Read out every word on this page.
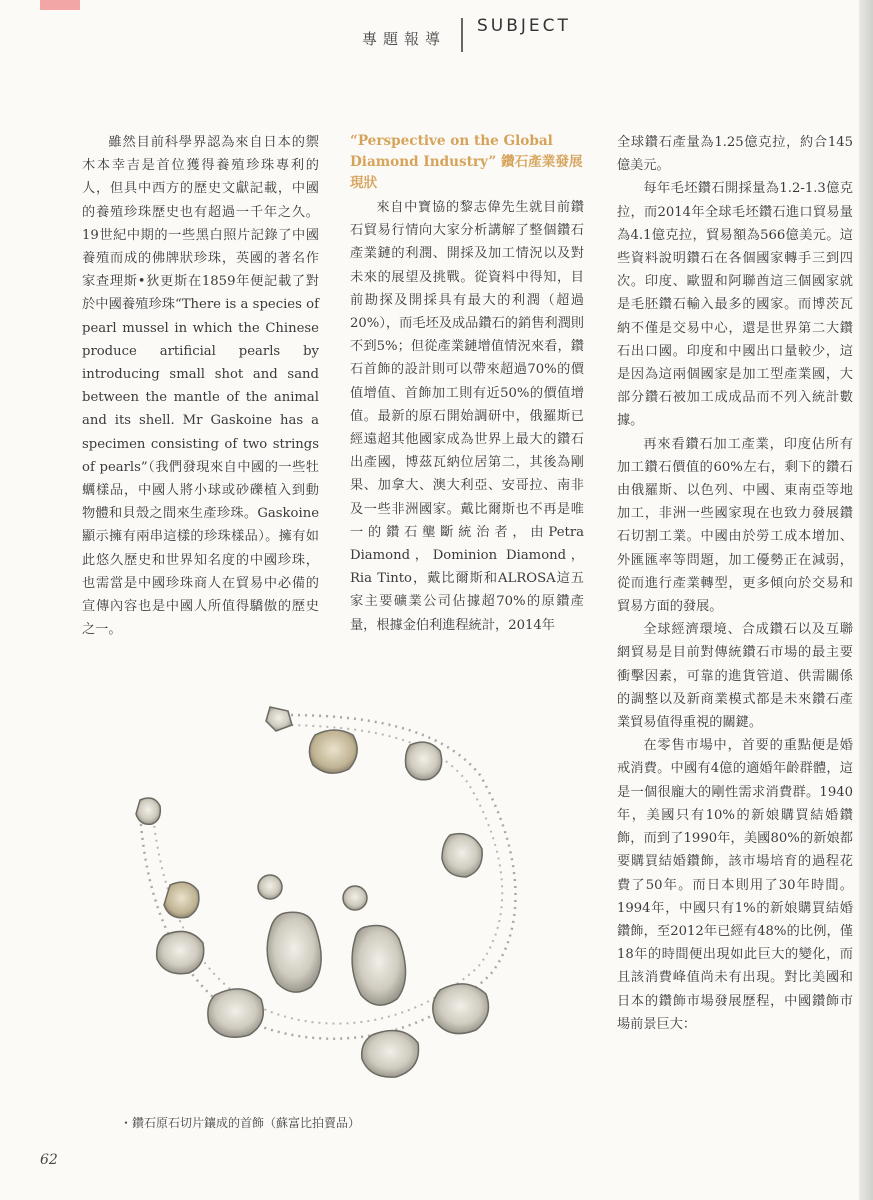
專題報導
SUBJECT

雖然目前科學界認為來自日本的禦木本幸吉是首位獲得養殖珍珠專利的人，但具中西方的歷史文獻記載，中國的養殖珍珠歷史也有超過一千年之久。19世紀中期的一些黑白照片記錄了中國養殖而成的佛牌狀珍珠，英國的著名作家查理斯•狄更斯在1859年便記載了對於中國養殖珍珠“There is a species of pearl mussel in which the Chinese produce artificial pearls by introducing small shot and sand between the mantle of the animal and its shell. Mr Gaskoine has a specimen consisting of two strings of pearls”（我們發現來自中國的一些牡蠣樣品，中國人將小球或砂礫植入到動物體和貝殼之間來生產珍珠。Gaskoine顯示擁有兩串這樣的珍珠樣品）。擁有如此悠久歷史和世界知名度的中國珍珠，也需當是中國珍珠商人在貿易中必備的宣傳內容也是中國人所值得驕傲的歷史之一。

“Perspective on the Global Diamond Industry” 鑽石產業發展現狀

來自中寶協的黎志偉先生就目前鑽石貿易行情向大家分析講解了整個鑽石產業鏈的利潤、開採及加工情況以及對未來的展望及挑戰。從資料中得知，目前勘探及開採具有最大的利潤（超過20%），而毛坯及成品鑽石的銷售利潤則不到5%；但從產業鏈增值情況來看，鑽石首飾的設計則可以帶來超過70%的價值增值、首飾加工則有近50%的價值增值。最新的原石開始調研中，俄羅斯已經遠超其他國家成為世界上最大的鑽石出產國，博茲瓦納位居第二，其後為剛果、加拿大、澳大利亞、安哥拉、南非及一些非洲國家。戴比爾斯也不再是唯一的鑽石壟斷統治者，由Petra Diamond，Dominion Diamond，Ria Tinto，戴比爾斯和ALROSA這五家主要礦業公司佔據超70%的原鑽產量，根據金伯利進程統計，2014年

全球鑽石產量為1.25億克拉，約合145億美元。

每年毛坯鑽石開採量為1.2-1.3億克拉，而2014年全球毛坯鑽石進口貿易量為4.1億克拉，貿易額為566億美元。這些資料說明鑽石在各個國家轉手三到四次。印度、歐盟和阿聯酋這三個國家就是毛胚鑽石輸入最多的國家。而博茨瓦納不僅是交易中心，還是世界第二大鑽石出口國。印度和中國出口量較少，這是因為這兩個國家是加工型產業國，大部分鑽石被加工成成品而不列入統計數據。

再來看鑽石加工產業，印度佔所有加工鑽石價值的60%左右，剩下的鑽石由俄羅斯、以色列、中國、東南亞等地加工，非洲一些國家現在也致力發展鑽石切割工業。中國由於勞工成本增加、外匯匯率等問題，加工優勢正在減弱，從而進行產業轉型，更多傾向於交易和貿易方面的發展。

全球經濟環境、合成鑽石以及互聯網貿易是目前對傳統鑽石市場的最主要衝擊因素，可靠的進貨管道、供需關係的調整以及新商業模式都是未來鑽石產業貿易值得重視的關鍵。

在零售市場中，首要的重點便是婚戒消費。中國有4億的適婚年齡群體，這是一個很龐大的剛性需求消費群。1940年，美國只有10%的新娘購買結婚鑽飾，而到了1990年，美國80%的新娘都要購買結婚鑽飾，該市場培育的過程花費了50年。而日本則用了30年時間。1994年，中國只有1%的新娘購買結婚鑽飾，至2012年已經有48%的比例，僅18年的時間便出現如此巨大的變化，而且該消費峰值尚未有出現。對比美國和日本的鑽飾市場發展歷程，中國鑽飾市場前景巨大：

・鑽石原石切片鑲成的首飾（蘇富比拍賣品）
62
